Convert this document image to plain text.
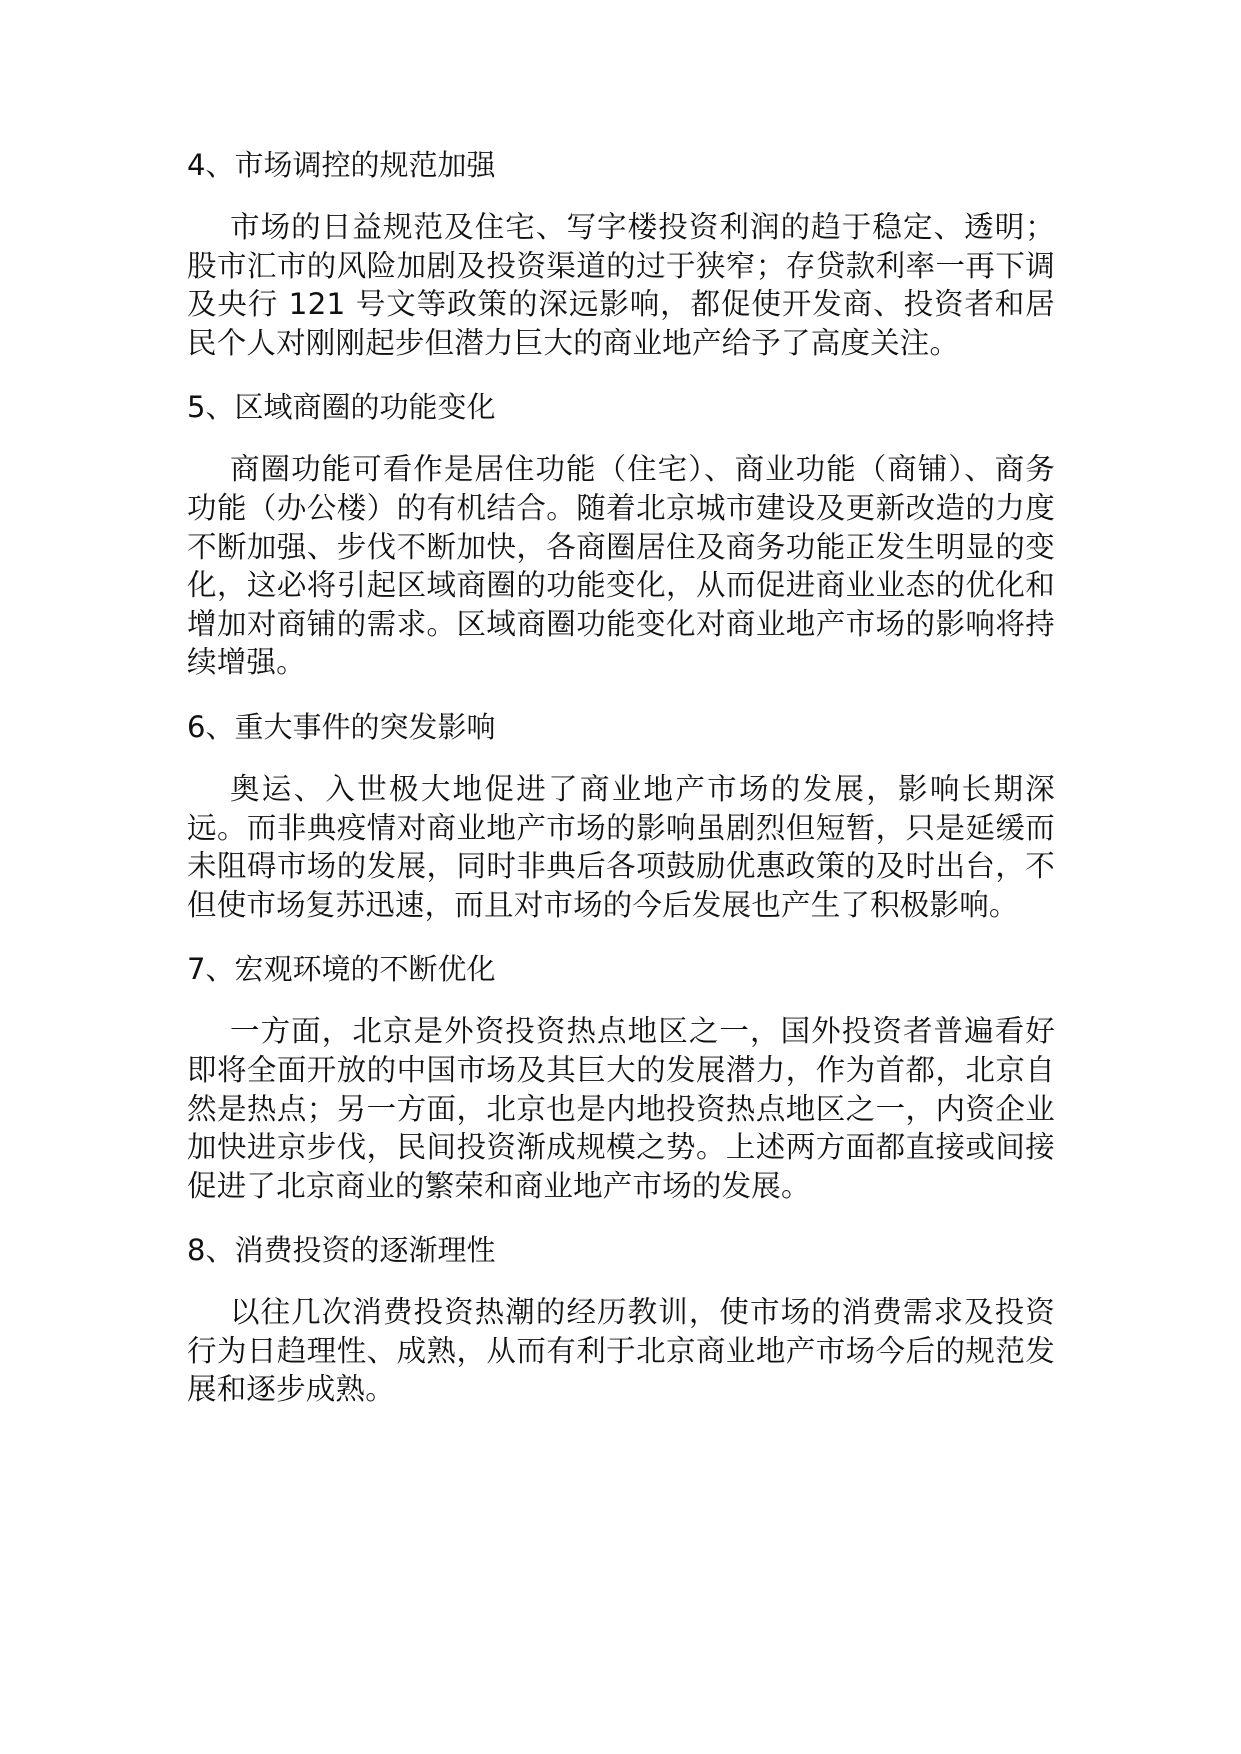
4、市场调控的规范加强

市场的日益规范及住宅、写字楼投资利润的趋于稳定、透明；股市汇市的风险加剧及投资渠道的过于狭窄；存贷款利率一再下调及央行 121 号文等政策的深远影响，都促使开发商、投资者和居民个人对刚刚起步但潜力巨大的商业地产给予了高度关注。

5、区域商圈的功能变化

商圈功能可看作是居住功能（住宅）、商业功能（商铺）、商务功能（办公楼）的有机结合。随着北京城市建设及更新改造的力度不断加强、步伐不断加快，各商圈居住及商务功能正发生明显的变化，这必将引起区域商圈的功能变化，从而促进商业业态的优化和增加对商铺的需求。区域商圈功能变化对商业地产市场的影响将持续增强。

6、重大事件的突发影响

奥运、入世极大地促进了商业地产市场的发展，影响长期深远。而非典疫情对商业地产市场的影响虽剧烈但短暂，只是延缓而未阻碍市场的发展，同时非典后各项鼓励优惠政策的及时出台，不但使市场复苏迅速，而且对市场的今后发展也产生了积极影响。

7、宏观环境的不断优化

一方面，北京是外资投资热点地区之一，国外投资者普遍看好即将全面开放的中国市场及其巨大的发展潜力，作为首都，北京自然是热点；另一方面，北京也是内地投资热点地区之一，内资企业加快进京步伐，民间投资渐成规模之势。上述两方面都直接或间接促进了北京商业的繁荣和商业地产市场的发展。

8、消费投资的逐渐理性

以往几次消费投资热潮的经历教训，使市场的消费需求及投资行为日趋理性、成熟，从而有利于北京商业地产市场今后的规范发展和逐步成熟。
